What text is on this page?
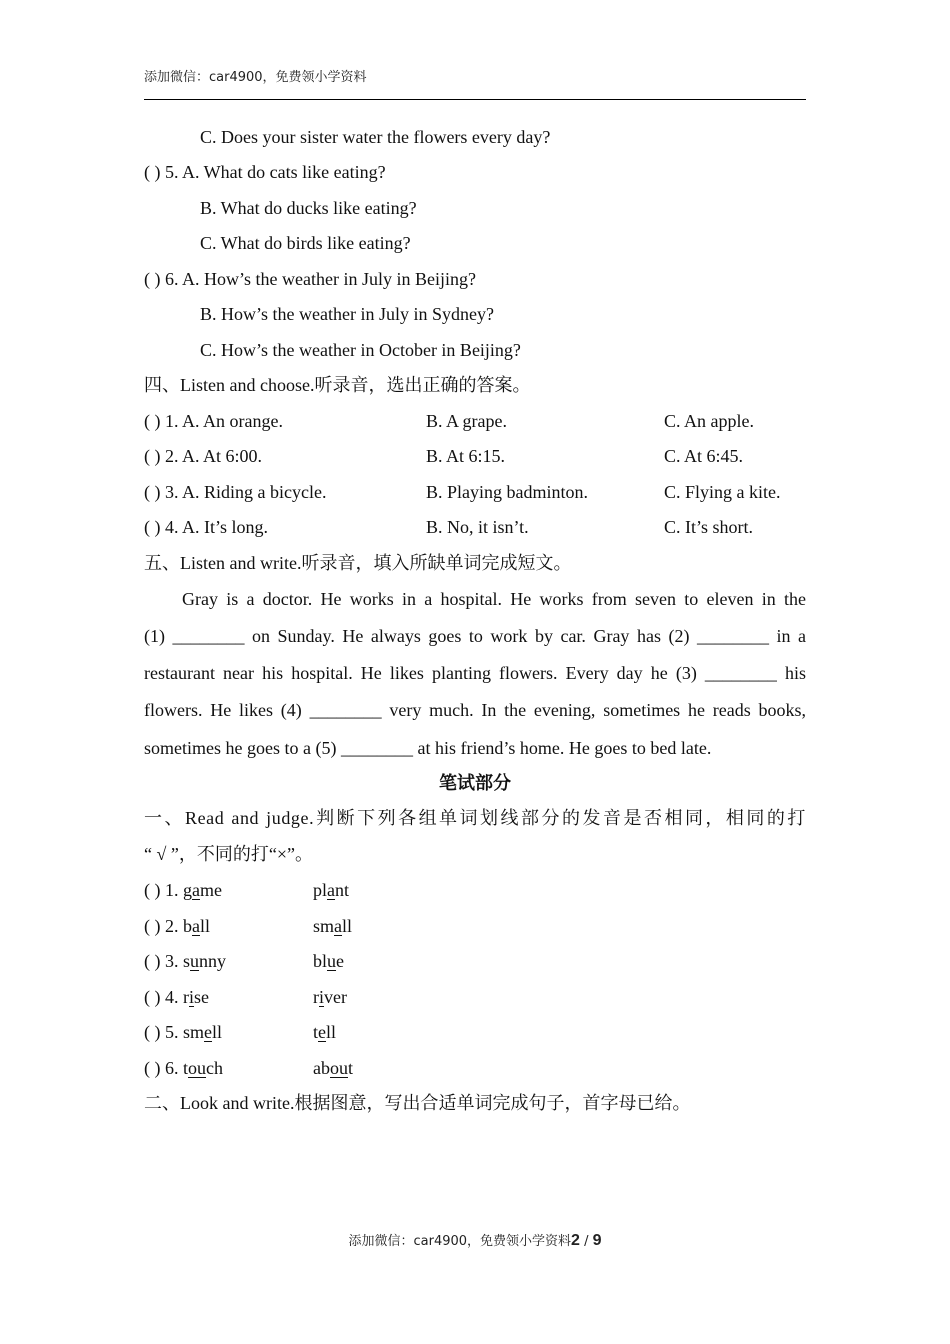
添加微信：car4900，免费领小学资料
C. Does your sister water the flowers every day?
( ) 5. A. What do cats like eating?
B. What do ducks like eating?
C. What do birds like eating?
( ) 6. A. How’s the weather in July in Beijing?
B. How’s the weather in July in Sydney?
C. How’s the weather in October in Beijing?
四、Listen and choose.听录音，选出正确的答案。
( ) 1. A. An orange.	B. A grape.	C. An apple.
( ) 2. A. At 6:00.	B. At 6:15.	C. At 6:45.
( ) 3. A. Riding a bicycle.	B. Playing badminton.	C. Flying a kite.
( ) 4. A. It’s long.	B. No, it isn’t.	C. It’s short.
五、Listen and write.听录音，填入所缺单词完成短文。
Gray is a doctor. He works in a hospital. He works from seven to eleven in the
(1) ________ on Sunday. He always goes to work by car. Gray has (2) ________ in a
restaurant near his hospital. He likes planting flowers. Every day he (3) ________ his
flowers. He likes (4) ________ very much. In the evening, sometimes he reads books,
sometimes he goes to a (5) ________ at his friend’s home. He goes to bed late.
笔试部分
一、Read and judge.判断下列各组单词划线部分的发音是否相同，相同的打
“ √ ”，不同的打“×”。
( ) 1. game	plant
( ) 2. ball	small
( ) 3. sunny	blue
( ) 4. rise	river
( ) 5. smell	tell
( ) 6. touch	about
二、Look and write.根据图意，写出合适单词完成句子，首字母已给。
添加微信：car4900，免费领小学资料2 / 9
